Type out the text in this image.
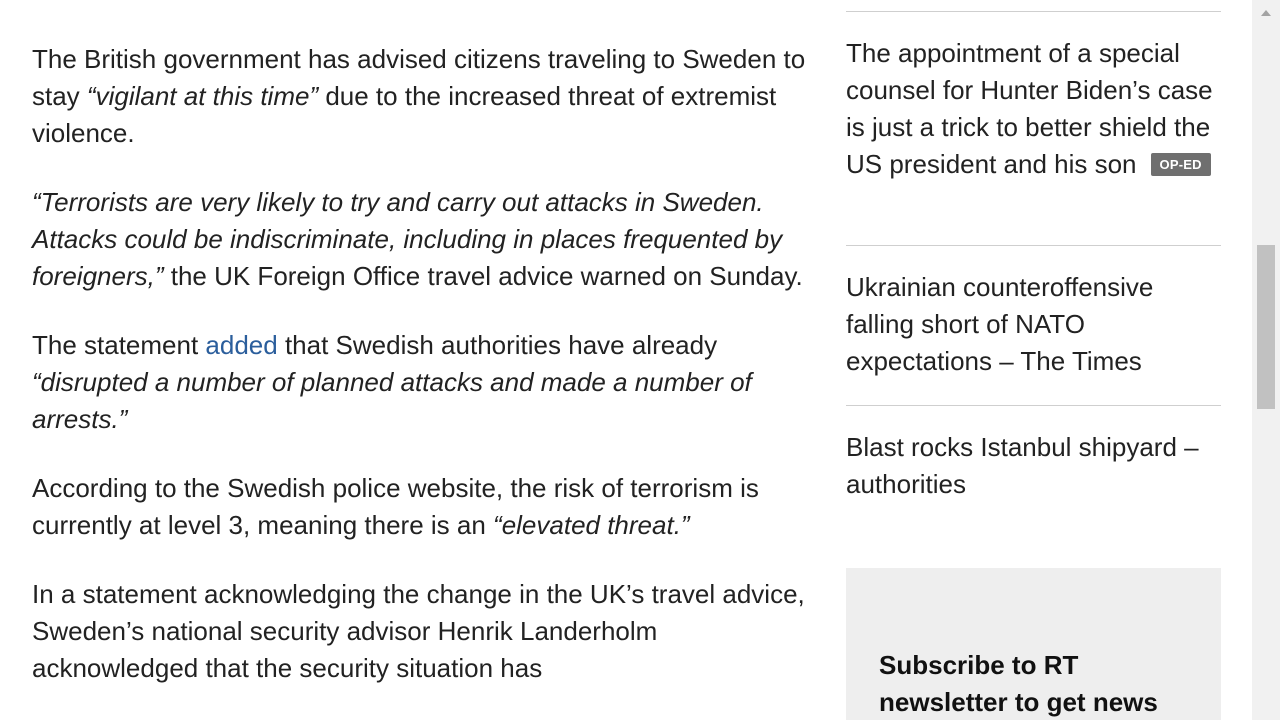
The British government has advised citizens traveling to Sweden to stay “vigilant at this time” due to the increased threat of extremist violence.

“Terrorists are very likely to try and carry out attacks in Sweden. Attacks could be indiscriminate, including in places frequented by foreigners,” the UK Foreign Office travel advice warned on Sunday.

The statement added that Swedish authorities have already “disrupted a number of planned attacks and made a number of arrests.”

According to the Swedish police website, the risk of terrorism is currently at level 3, meaning there is an “elevated threat.”

In a statement acknowledging the change in the UK’s travel advice, Sweden’s national security advisor Henrik Landerholm acknowledged that the security situation has

The appointment of a special counsel for Hunter Biden’s case is just a trick to better shield the US president and his son OP-ED
Ukrainian counteroffensive falling short of NATO expectations – The Times
Blast rocks Istanbul shipyard – authorities
Subscribe to RT newsletter to get news
